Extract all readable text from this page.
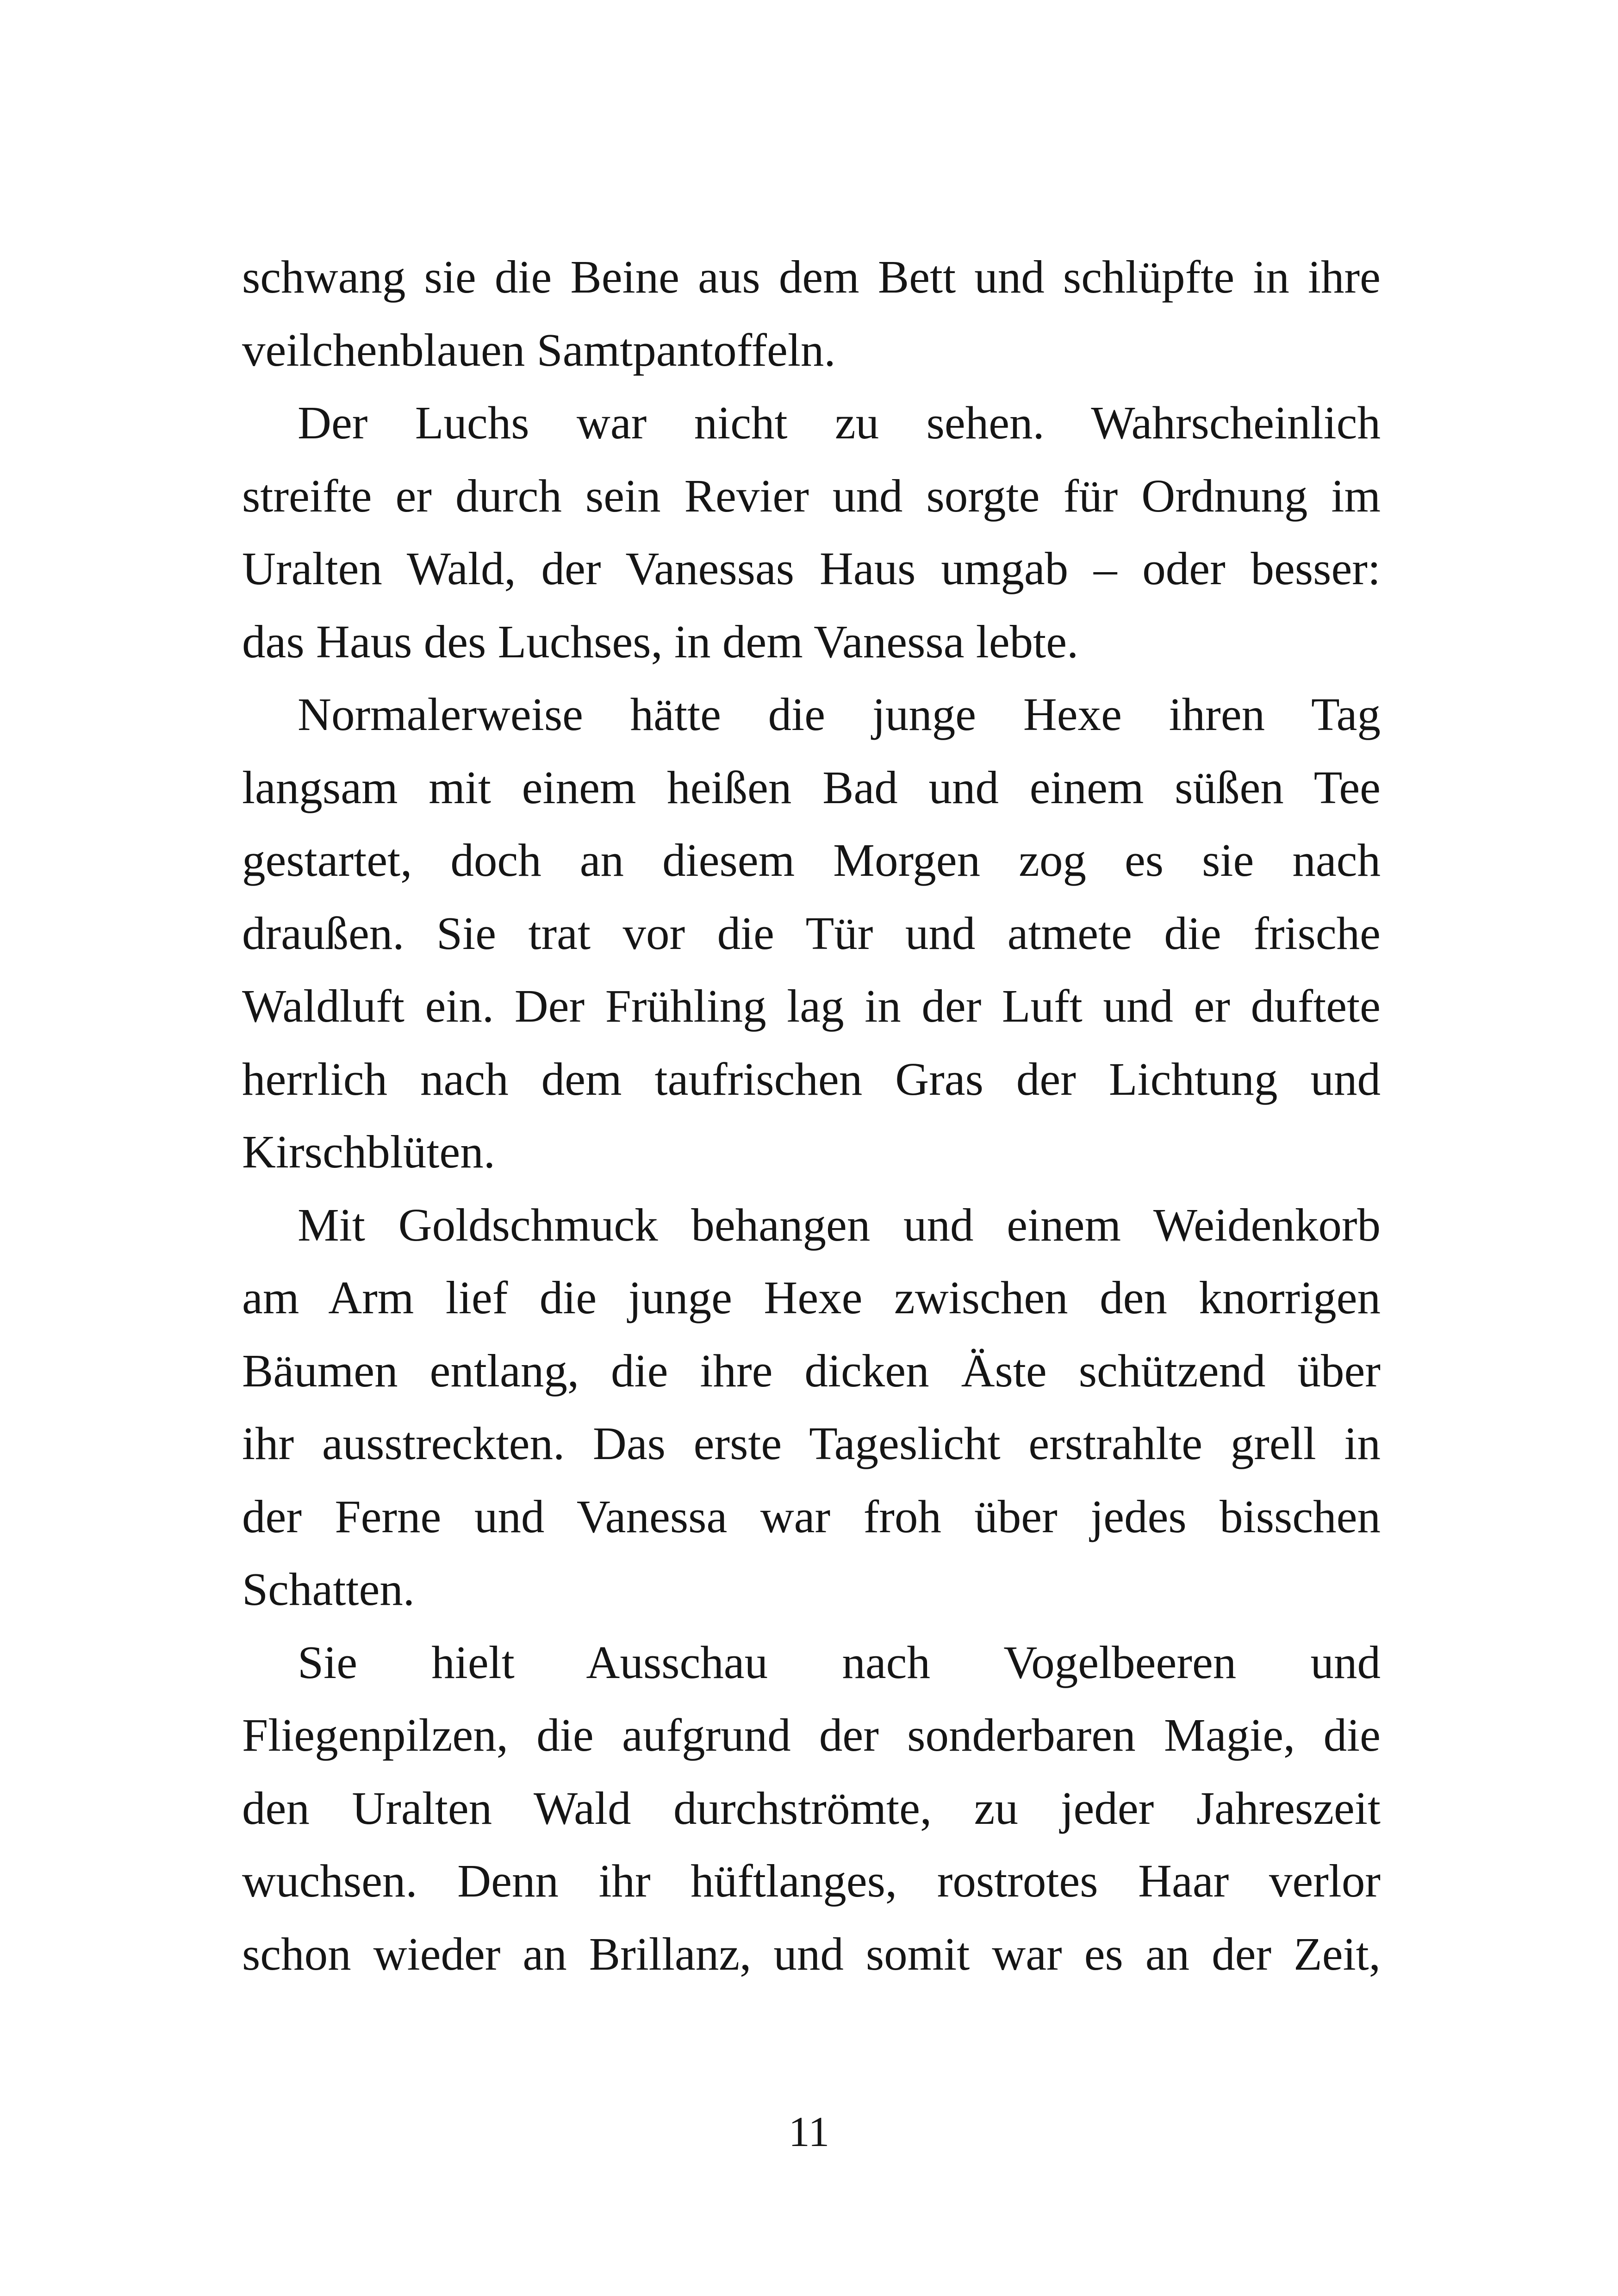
schwang sie die Beine aus dem Bett und schlüpfte in ihre
veilchenblauen Samtpantoffeln.
Der Luchs war nicht zu sehen. Wahrscheinlich
streifte er durch sein Revier und sorgte für Ordnung im
Uralten Wald, der Vanessas Haus umgab – oder besser:
das Haus des Luchses, in dem Vanessa lebte.
Normalerweise hätte die junge Hexe ihren Tag
langsam mit einem heißen Bad und einem süßen Tee
gestartet, doch an diesem Morgen zog es sie nach
draußen. Sie trat vor die Tür und atmete die frische
Waldluft ein. Der Frühling lag in der Luft und er duftete
herrlich nach dem taufrischen Gras der Lichtung und
Kirschblüten.
Mit Goldschmuck behangen und einem Weidenkorb
am Arm lief die junge Hexe zwischen den knorrigen
Bäumen entlang, die ihre dicken Äste schützend über
ihr ausstreckten. Das erste Tageslicht erstrahlte grell in
der Ferne und Vanessa war froh über jedes bisschen
Schatten.
Sie hielt Ausschau nach Vogelbeeren und
Fliegenpilzen, die aufgrund der sonderbaren Magie, die
den Uralten Wald durchströmte, zu jeder Jahreszeit
wuchsen. Denn ihr hüftlanges, rostrotes Haar verlor
schon wieder an Brillanz, und somit war es an der Zeit,
11
